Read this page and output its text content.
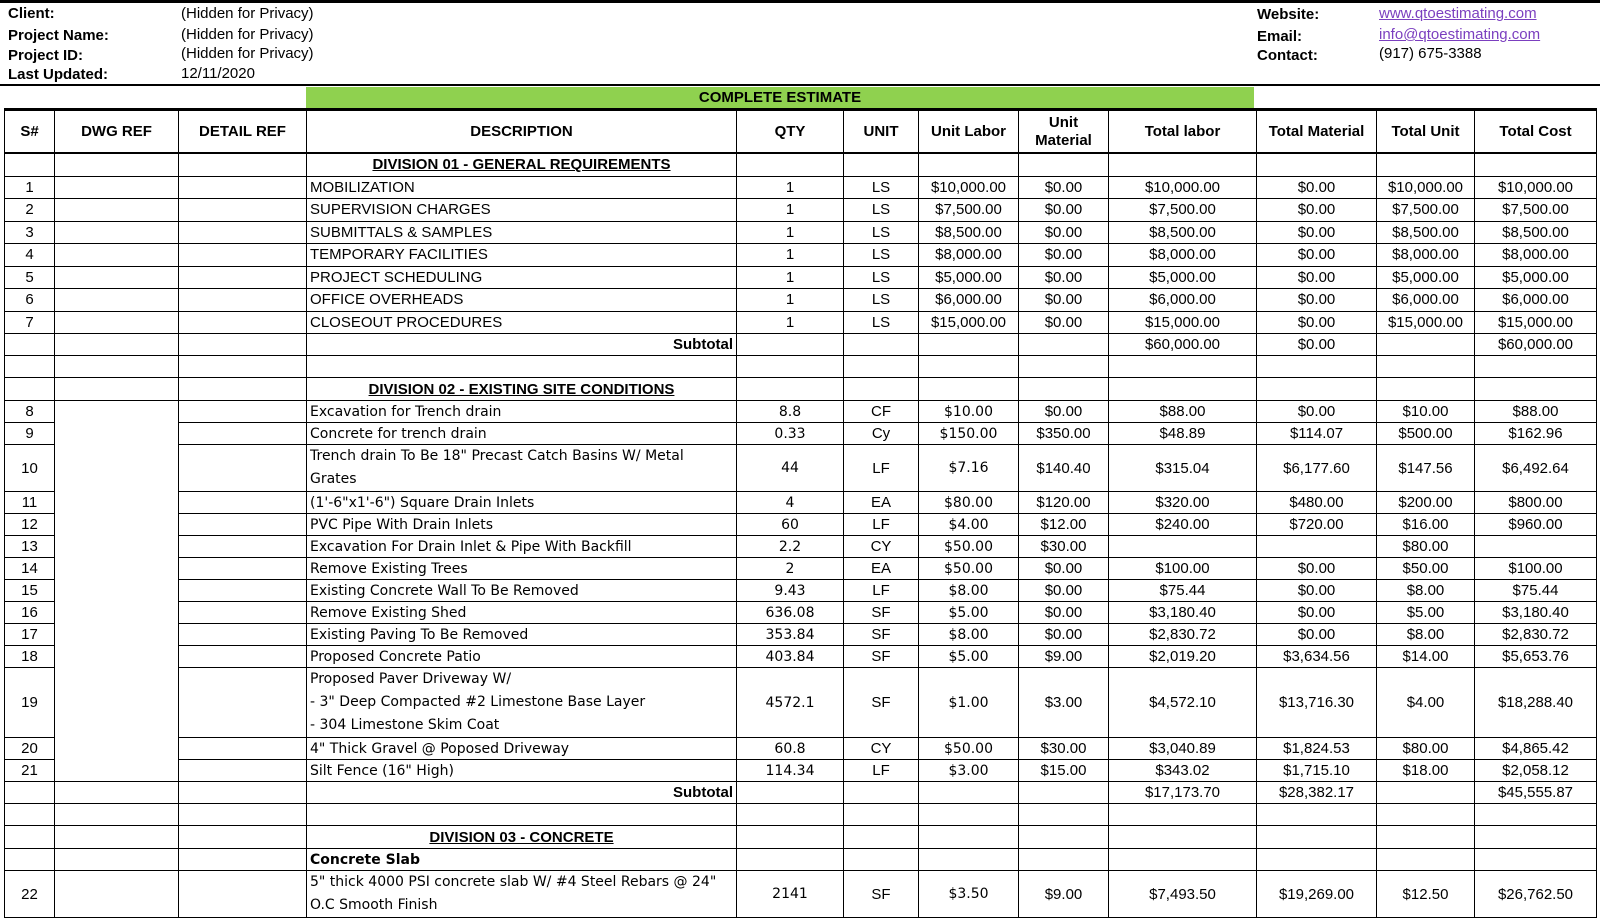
Client:	(Hidden for Privacy)
Project Name:	(Hidden for Privacy)
Project ID:	(Hidden for Privacy)
Last Updated:	12/11/2020
Website:	www.qtoestimating.com
Email:	info@qtoestimating.com
Contact:	(917) 675-3388
COMPLETE ESTIMATE
S#	DWG REF	DETAIL REF	DESCRIPTION	QTY	UNIT	Unit Labor	Unit Material	Total labor	Total Material	Total Unit	Total Cost
			DIVISION 01 - GENERAL REQUIREMENTS								
1			MOBILIZATION	1	LS	$10,000.00	$0.00	$10,000.00	$0.00	$10,000.00	$10,000.00
2			SUPERVISION CHARGES	1	LS	$7,500.00	$0.00	$7,500.00	$0.00	$7,500.00	$7,500.00
3			SUBMITTALS & SAMPLES	1	LS	$8,500.00	$0.00	$8,500.00	$0.00	$8,500.00	$8,500.00
4			TEMPORARY FACILITIES	1	LS	$8,000.00	$0.00	$8,000.00	$0.00	$8,000.00	$8,000.00
5			PROJECT SCHEDULING	1	LS	$5,000.00	$0.00	$5,000.00	$0.00	$5,000.00	$5,000.00
6			OFFICE OVERHEADS	1	LS	$6,000.00	$0.00	$6,000.00	$0.00	$6,000.00	$6,000.00
7			CLOSEOUT PROCEDURES	1	LS	$15,000.00	$0.00	$15,000.00	$0.00	$15,000.00	$15,000.00
			Subtotal					$60,000.00	$0.00		$60,000.00

			DIVISION 02 - EXISTING SITE CONDITIONS								
8			Excavation for Trench drain	8.8	CF	$10.00	$0.00	$88.00	$0.00	$10.00	$88.00
9			Concrete for trench drain	0.33	Cy	$150.00	$350.00	$48.89	$114.07	$500.00	$162.96
10			Trench drain To Be 18" Precast Catch Basins W/ Metal Grates	44	LF	$7.16	$140.40	$315.04	$6,177.60	$147.56	$6,492.64
11			(1'-6"x1'-6") Square Drain Inlets	4	EA	$80.00	$120.00	$320.00	$480.00	$200.00	$800.00
12			PVC Pipe With Drain Inlets	60	LF	$4.00	$12.00	$240.00	$720.00	$16.00	$960.00
13			Excavation For Drain Inlet & Pipe With Backfill	2.2	CY	$50.00	$30.00			$80.00	
14			Remove Existing Trees	2	EA	$50.00	$0.00	$100.00	$0.00	$50.00	$100.00
15			Existing Concrete Wall To Be Removed	9.43	LF	$8.00	$0.00	$75.44	$0.00	$8.00	$75.44
16			Remove Existing Shed	636.08	SF	$5.00	$0.00	$3,180.40	$0.00	$5.00	$3,180.40
17			Existing Paving To Be Removed	353.84	SF	$8.00	$0.00	$2,830.72	$0.00	$8.00	$2,830.72
18			Proposed Concrete Patio	403.84	SF	$5.00	$9.00	$2,019.20	$3,634.56	$14.00	$5,653.76
19			Proposed Paver Driveway W/
- 3" Deep Compacted #2 Limestone Base Layer
- 304 Limestone Skim Coat	4572.1	SF	$1.00	$3.00	$4,572.10	$13,716.30	$4.00	$18,288.40
20			4" Thick Gravel @ Poposed Driveway	60.8	CY	$50.00	$30.00	$3,040.89	$1,824.53	$80.00	$4,865.42
21			Silt Fence (16" High)	114.34	LF	$3.00	$15.00	$343.02	$1,715.10	$18.00	$2,058.12
			Subtotal					$17,173.70	$28,382.17		$45,555.87

			DIVISION 03 - CONCRETE								
			Concrete Slab								
22			5" thick 4000 PSI concrete slab W/ #4 Steel Rebars @ 24" O.C Smooth Finish	2141	SF	$3.50	$9.00	$7,493.50	$19,269.00	$12.50	$26,762.50
